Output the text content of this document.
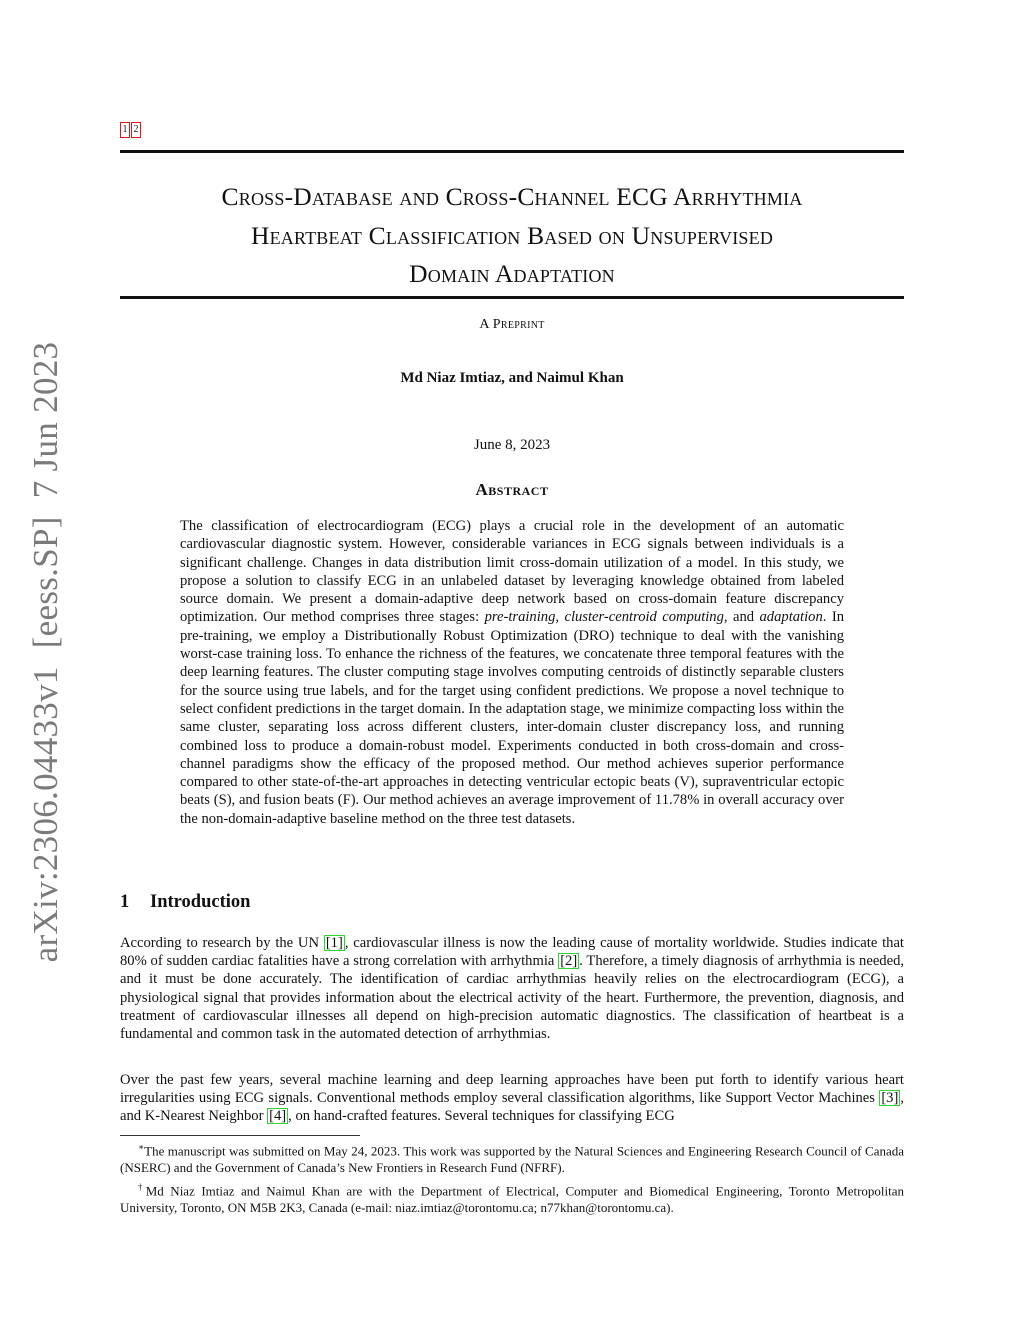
1 2
Cross-Database and Cross-Channel ECG Arrhythmia
Heartbeat Classification Based on Unsupervised
Domain Adaptation
A Preprint
Md Niaz Imtiaz, and Naimul Khan
June 8, 2023
Abstract
The classification of electrocardiogram (ECG) plays a crucial role in the development of an automatic cardiovascular diagnostic system. However, considerable variances in ECG signals between individuals is a significant challenge. Changes in data distribution limit cross-domain utilization of a model. In this study, we propose a solution to classify ECG in an unlabeled dataset by leveraging knowledge obtained from labeled source domain. We present a domain-adaptive deep network based on cross-domain feature discrepancy optimization. Our method comprises three stages: pre-training, cluster-centroid computing, and adaptation. In pre-training, we employ a Distributionally Robust Optimization (DRO) technique to deal with the vanishing worst-case training loss. To enhance the richness of the features, we concatenate three temporal features with the deep learning features. The cluster computing stage involves computing centroids of distinctly separable clusters for the source using true labels, and for the target using confident predictions. We propose a novel technique to select confident predictions in the target domain. In the adaptation stage, we minimize compacting loss within the same cluster, separating loss across different clusters, inter-domain cluster discrepancy loss, and running combined loss to produce a domain-robust model. Experiments conducted in both cross-domain and cross-channel paradigms show the efficacy of the proposed method. Our method achieves superior performance compared to other state-of-the-art approaches in detecting ventricular ectopic beats (V), supraventricular ectopic beats (S), and fusion beats (F). Our method achieves an average improvement of 11.78% in overall accuracy over the non-domain-adaptive baseline method on the three test datasets.
1 Introduction
According to research by the UN [1] , cardiovascular illness is now the leading cause of mortality worldwide. Studies indicate that 80% of sudden cardiac fatalities have a strong correlation with arrhythmia [2] . Therefore, a timely diagnosis of arrhythmia is needed, and it must be done accurately. The identification of cardiac arrhythmias heavily relies on the electrocardiogram (ECG), a physiological signal that provides information about the electrical activity of the heart. Furthermore, the prevention, diagnosis, and treatment of cardiovascular illnesses all depend on high-precision automatic diagnostics. The classification of heartbeat is a fundamental and common task in the automated detection of arrhythmias.
Over the past few years, several machine learning and deep learning approaches have been put forth to identify various heart irregularities using ECG signals. Conventional methods employ several classification algorithms, like Support Vector Machines [3] , and K-Nearest Neighbor [4] , on hand-crafted features. Several techniques for classifying ECG

∗The manuscript was submitted on May 24, 2023. This work was supported by the Natural Sciences and Engineering Research Council of Canada (NSERC) and the Government of Canada’s New Frontiers in Research Fund (NFRF).

†Md Niaz Imtiaz and Naimul Khan are with the Department of Electrical, Computer and Biomedical Engineering, Toronto Metropolitan University, Toronto, ON M5B 2K3, Canada (e-mail: niaz.imtiaz@torontomu.ca; n77khan@torontomu.ca).

arXiv:2306.04433v1[eess.SP]7 Jun 2023
